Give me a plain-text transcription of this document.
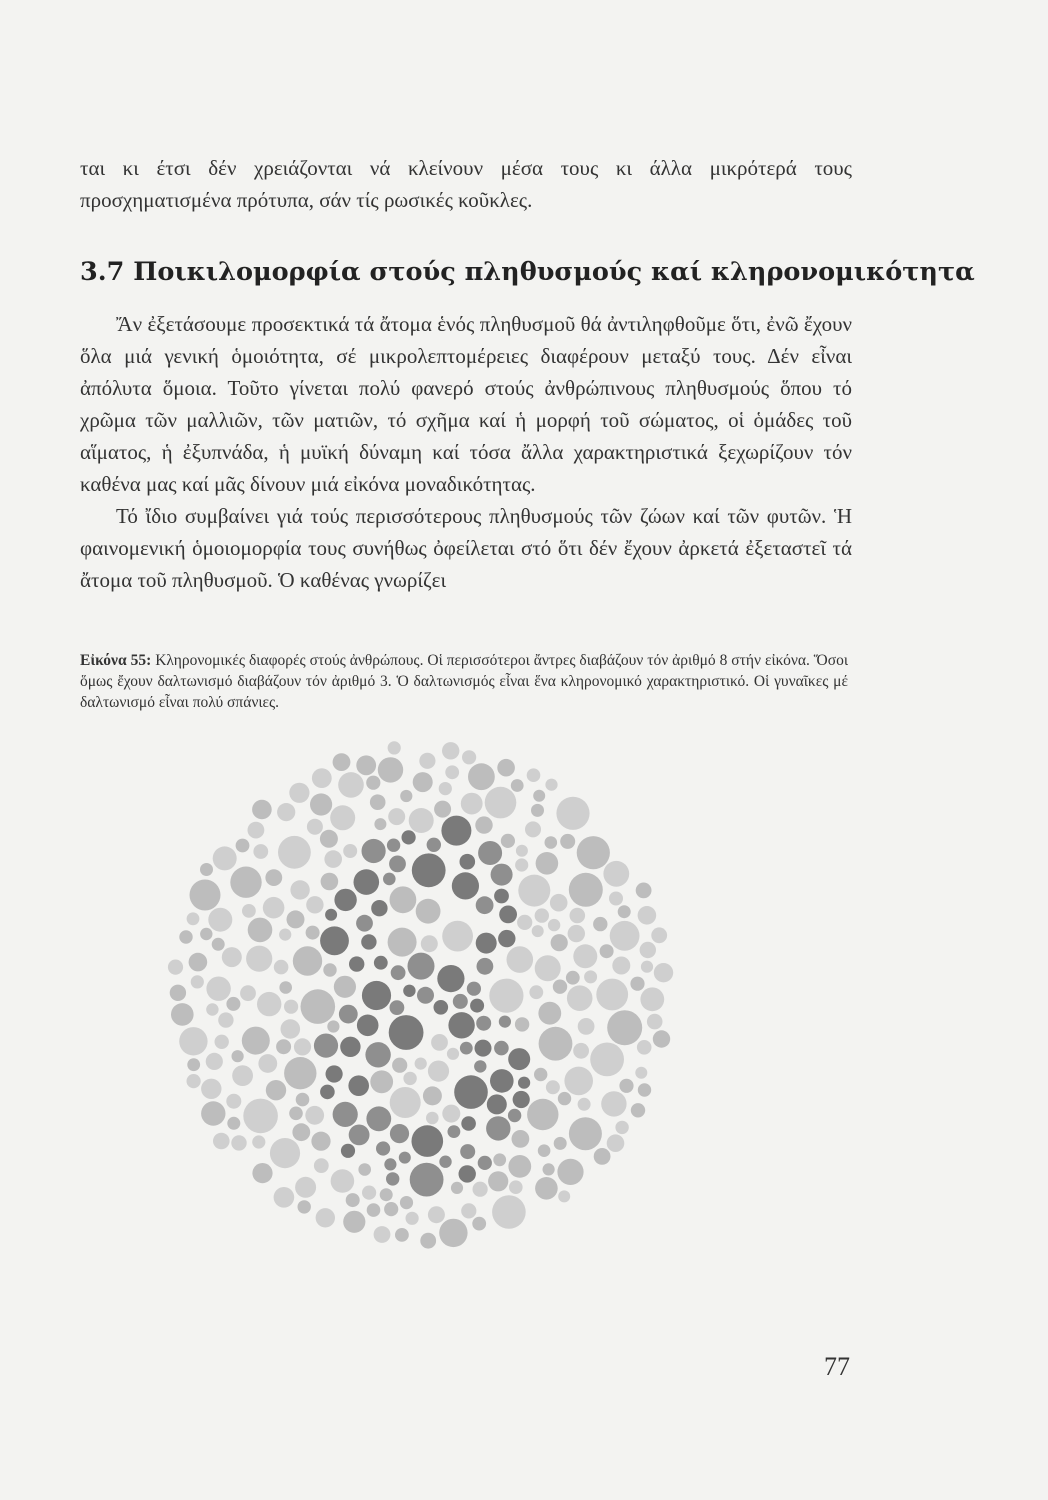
ται κι έτσι δέν χρειάζονται νά κλείνουν μέσα τους κι άλλα μικρότερά τους προσχηματισμένα πρότυπα, σάν τίς ρωσικές κοῦκλες.

3.7 Ποικιλομορφία στούς πληθυσμούς καί κληρονομικότητα

Ἄν ἐξετάσουμε προσεκτικά τά ἄτομα ἑνός πληθυσμοῦ θά ἀντιληφθοῦμε ὅτι, ἐνῶ ἔχουν ὅλα μιά γενική ὁμοιότητα, σέ μικρολεπτομέρειες διαφέρουν μεταξύ τους. Δέν εἶναι ἀπόλυτα ὅμοια. Τοῦτο γίνεται πολύ φανερό στούς ἀνθρώπινους πληθυσμούς ὅπου τό χρῶμα τῶν μαλλιῶν, τῶν ματιῶν, τό σχῆμα καί ἡ μορφή τοῦ σώματος, οἱ ὁμάδες τοῦ αἵματος, ἡ ἐξυπνάδα, ἡ μυϊκή δύναμη καί τόσα ἄλλα χαρακτηριστικά ξεχωρίζουν τόν καθένα μας καί μᾶς δίνουν μιά εἰκόνα μοναδικότητας.

Τό ἴδιο συμβαίνει γιά τούς περισσότερους πληθυσμούς τῶν ζώων καί τῶν φυτῶν. Ἡ φαινομενική ὁμοιομορφία τους συνήθως ὀφείλεται στό ὅτι δέν ἔχουν ἀρκετά ἐξεταστεῖ τά ἄτομα τοῦ πληθυσμοῦ. Ὁ καθένας γνωρίζει

Εἰκόνα 55: Κληρονομικές διαφορές στούς ἀνθρώπους. Οἱ περισσότεροι ἄντρες διαβάζουν τόν ἀριθμό 8 στήν εἰκόνα. Ὅσοι ὅμως ἔχουν δαλτωνισμό διαβάζουν τόν ἀριθμό 3. Ὁ δαλτωνισμός εἶναι ἕνα κληρονομικό χαρακτηριστικό. Οἱ γυναῖκες μέ δαλτωνισμό εἶναι πολύ σπάνιες.

77
